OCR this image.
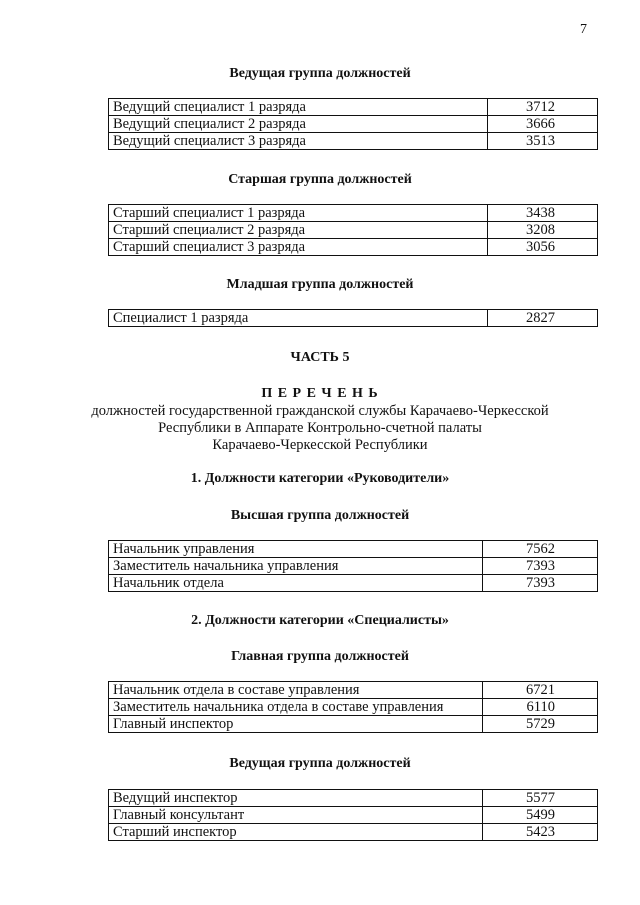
7
Ведущая группа должностей
Ведущий специалист 1 разряда	3712
Ведущий специалист 2 разряда	3666
Ведущий специалист 3 разряда	3513
Старшая группа должностей
Старший специалист 1 разряда	3438
Старший специалист 2 разряда	3208
Старший специалист 3 разряда	3056
Младшая группа должностей
Специалист 1 разряда	2827
ЧАСТЬ 5
П Е Р Е Ч Е Н Ь
должностей государственной гражданской службы Карачаево-Черкесской
Республики в Аппарате Контрольно-счетной палаты
Карачаево-Черкесской Республики
1. Должности категории «Руководители»
Высшая группа должностей
Начальник управления	7562
Заместитель начальника управления	7393
Начальник отдела	7393
2. Должности категории «Специалисты»
Главная группа должностей
Начальник отдела в составе управления	6721
Заместитель начальника отдела в составе управления	6110
Главный инспектор	5729
Ведущая группа должностей
Ведущий инспектор	5577
Главный консультант	5499
Старший инспектор	5423
